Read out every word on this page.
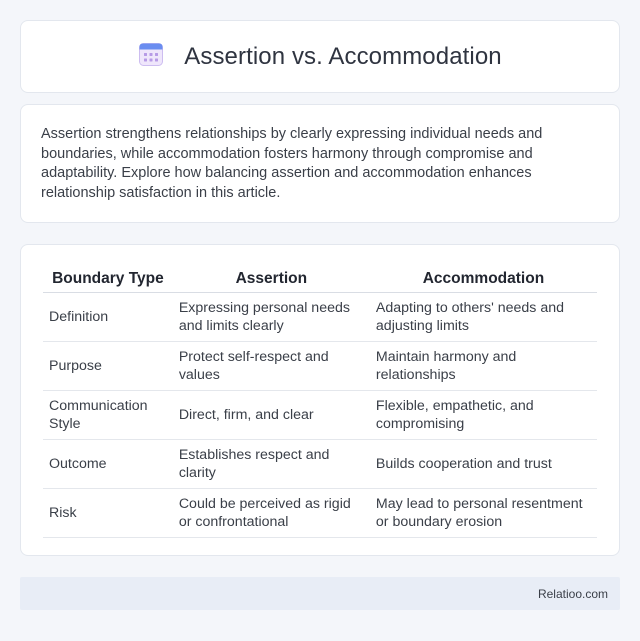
Assertion vs. Accommodation

Assertion strengthens relationships by clearly expressing individual needs and boundaries, while accommodation fosters harmony through compromise and adaptability. Explore how balancing assertion and accommodation enhances relationship satisfaction in this article.

Boundary Type	Assertion	Accommodation
Definition	Expressing personal needs and limits clearly	Adapting to others' needs and adjusting limits
Purpose	Protect self-respect and values	Maintain harmony and relationships
Communication Style	Direct, firm, and clear	Flexible, empathetic, and compromising
Outcome	Establishes respect and clarity	Builds cooperation and trust
Risk	Could be perceived as rigid or confrontational	May lead to personal resentment or boundary erosion
Relatioo.com
